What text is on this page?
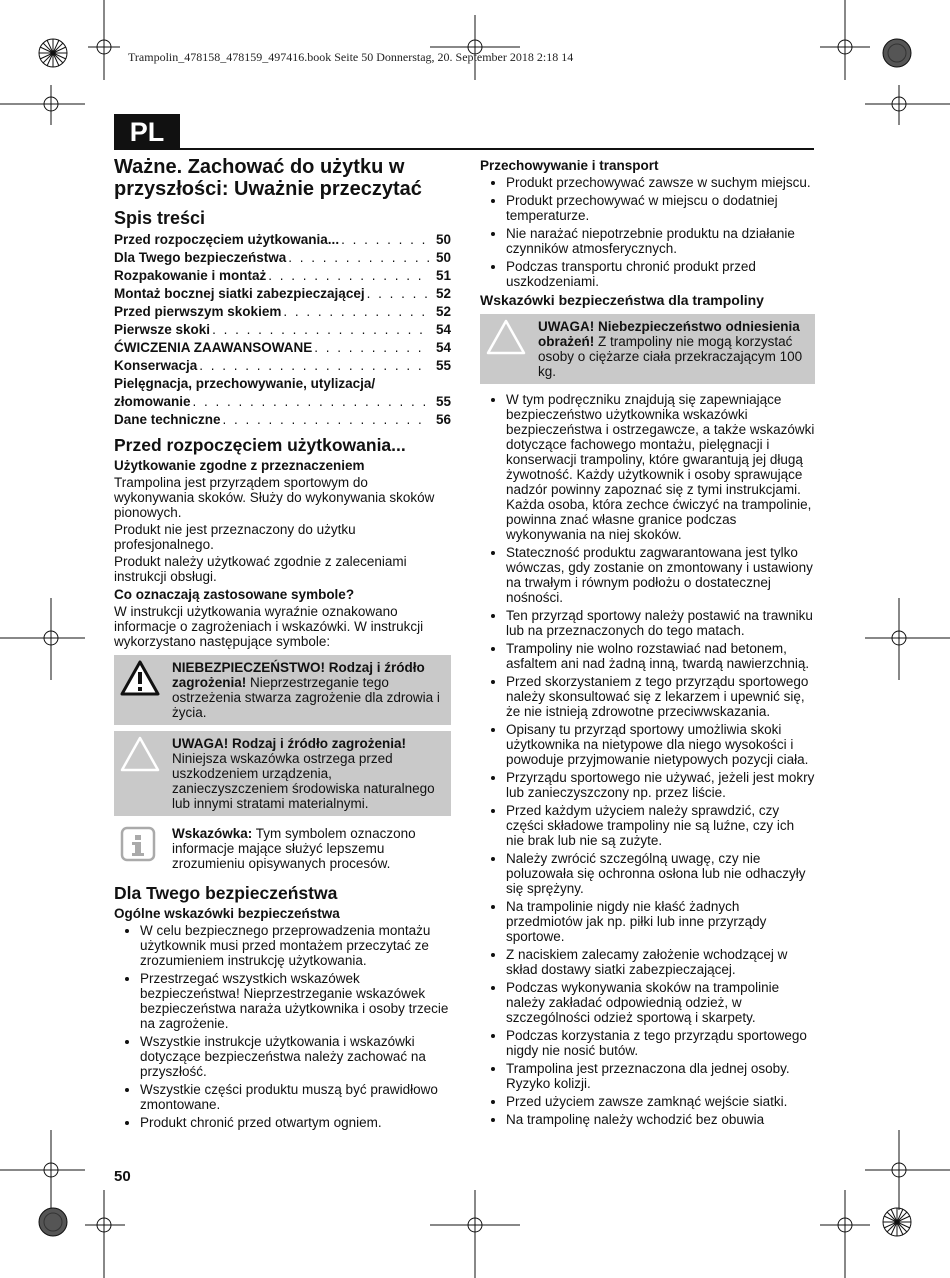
Trampolin_478158_478159_497416.book Seite 50 Donnerstag, 20. September 2018 2:18 14
PL
Ważne. Zachować do użytku w przyszłości: Uważnie przeczytać
Spis treści
Przed rozpoczęciem użytkowania... . . .	50
Dla Twego bezpieczeństwa . . .	50
Rozpakowanie i montaż . . .	51
Montaż bocznej siatki zabezpieczającej . . .	52
Przed pierwszym skokiem . . .	52
Pierwsze skoki . . .	54
ĆWICZENIA ZAAWANSOWANE . . .	54
Konserwacja . . .	55
Pielęgnacja, przechowywanie, utylizacja/
złomowanie . . .	55
Dane techniczne . . .	56
Przed rozpoczęciem użytkowania...
Użytkowanie zgodne z przeznaczeniem

Trampolina jest przyrządem sportowym do wykonywania skoków. Służy do wykonywania skoków pionowych.

Produkt nie jest przeznaczony do użytku profesjonalnego.

Produkt należy użytkować zgodnie z zaleceniami instrukcji obsługi.

Co oznaczają zastosowane symbole?

W instrukcji użytkowania wyraźnie oznakowano informacje o zagrożeniach i wskazówki. W instrukcji wykorzystano następujące symbole:

NIEBEZPIECZEŃSTWO! Rodzaj i źródło zagrożenia! Nieprzestrzeganie tego ostrzeżenia stwarza zagrożenie dla zdrowia i życia.
UWAGA! Rodzaj i źródło zagrożenia! Niniejsza wskazówka ostrzega przed uszkodzeniem urządzenia, zanieczyszczeniem środowiska naturalnego lub innymi stratami materialnymi.
Wskazówka: Tym symbolem oznaczono informacje mające służyć lepszemu zrozumieniu opisywanych procesów.
Dla Twego bezpieczeństwa
Ogólne wskazówki bezpieczeństwa
• W celu bezpiecznego przeprowadzenia montażu użytkownik musi przed montażem przeczytać ze zrozumieniem instrukcję użytkowania.
• Przestrzegać wszystkich wskazówek bezpieczeństwa! Nieprzestrzeganie wskazówek bezpieczeństwa naraża użytkownika i osoby trzecie na zagrożenie.
• Wszystkie instrukcje użytkowania i wskazówki dotyczące bezpieczeństwa należy zachować na przyszłość.
• Wszystkie części produktu muszą być prawidłowo zmontowane.
• Produkt chronić przed otwartym ogniem.
Przechowywanie i transport
• Produkt przechowywać zawsze w suchym miejscu.
• Produkt przechowywać w miejscu o dodatniej temperaturze.
• Nie narażać niepotrzebnie produktu na działanie czynników atmosferycznych.
• Podczas transportu chronić produkt przed uszkodzeniami.
Wskazówki bezpieczeństwa dla trampoliny
UWAGA! Niebezpieczeństwo odniesienia obrażeń! Z trampoliny nie mogą korzystać osoby o ciężarze ciała przekraczającym 100 kg.
• W tym podręczniku znajdują się zapewniające bezpieczeństwo użytkownika wskazówki bezpieczeństwa i ostrzegawcze, a także wskazówki dotyczące fachowego montażu, pielęgnacji i konserwacji trampoliny, które gwarantują jej długą żywotność. Każdy użytkownik i osoby sprawujące nadzór powinny zapoznać się z tymi instrukcjami. Każda osoba, która zechce ćwiczyć na trampolinie, powinna znać własne granice podczas wykonywania na niej skoków.
• Stateczność produktu zagwarantowana jest tylko wówczas, gdy zostanie on zmontowany i ustawiony na trwałym i równym podłożu o dostatecznej nośności.
• Ten przyrząd sportowy należy postawić na trawniku lub na przeznaczonych do tego matach.
• Trampoliny nie wolno rozstawiać nad betonem, asfaltem ani nad żadną inną, twardą nawierzchnią.
• Przed skorzystaniem z tego przyrządu sportowego należy skonsultować się z lekarzem i upewnić się, że nie istnieją zdrowotne przeciwwskazania.
• Opisany tu przyrząd sportowy umożliwia skoki użytkownika na nietypowe dla niego wysokości i powoduje przyjmowanie nietypowych pozycji ciała.
• Przyrządu sportowego nie używać, jeżeli jest mokry lub zanieczyszczony np. przez liście.
• Przed każdym użyciem należy sprawdzić, czy części składowe trampoliny nie są luźne, czy ich nie brak lub nie są zużyte.
• Należy zwrócić szczególną uwagę, czy nie poluzowała się ochronna osłona lub nie odhaczyły się sprężyny.
• Na trampolinie nigdy nie kłaść żadnych przedmiotów jak np. piłki lub inne przyrządy sportowe.
• Z naciskiem zalecamy założenie wchodzącej w skład dostawy siatki zabezpieczającej.
• Podczas wykonywania skoków na trampolinie należy zakładać odpowiednią odzież, w szczególności odzież sportową i skarpety.
• Podczas korzystania z tego przyrządu sportowego nigdy nie nosić butów.
• Trampolina jest przeznaczona dla jednej osoby. Ryzyko kolizji.
• Przed użyciem zawsze zamknąć wejście siatki.
• Na trampolinę należy wchodzić bez obuwia
50
